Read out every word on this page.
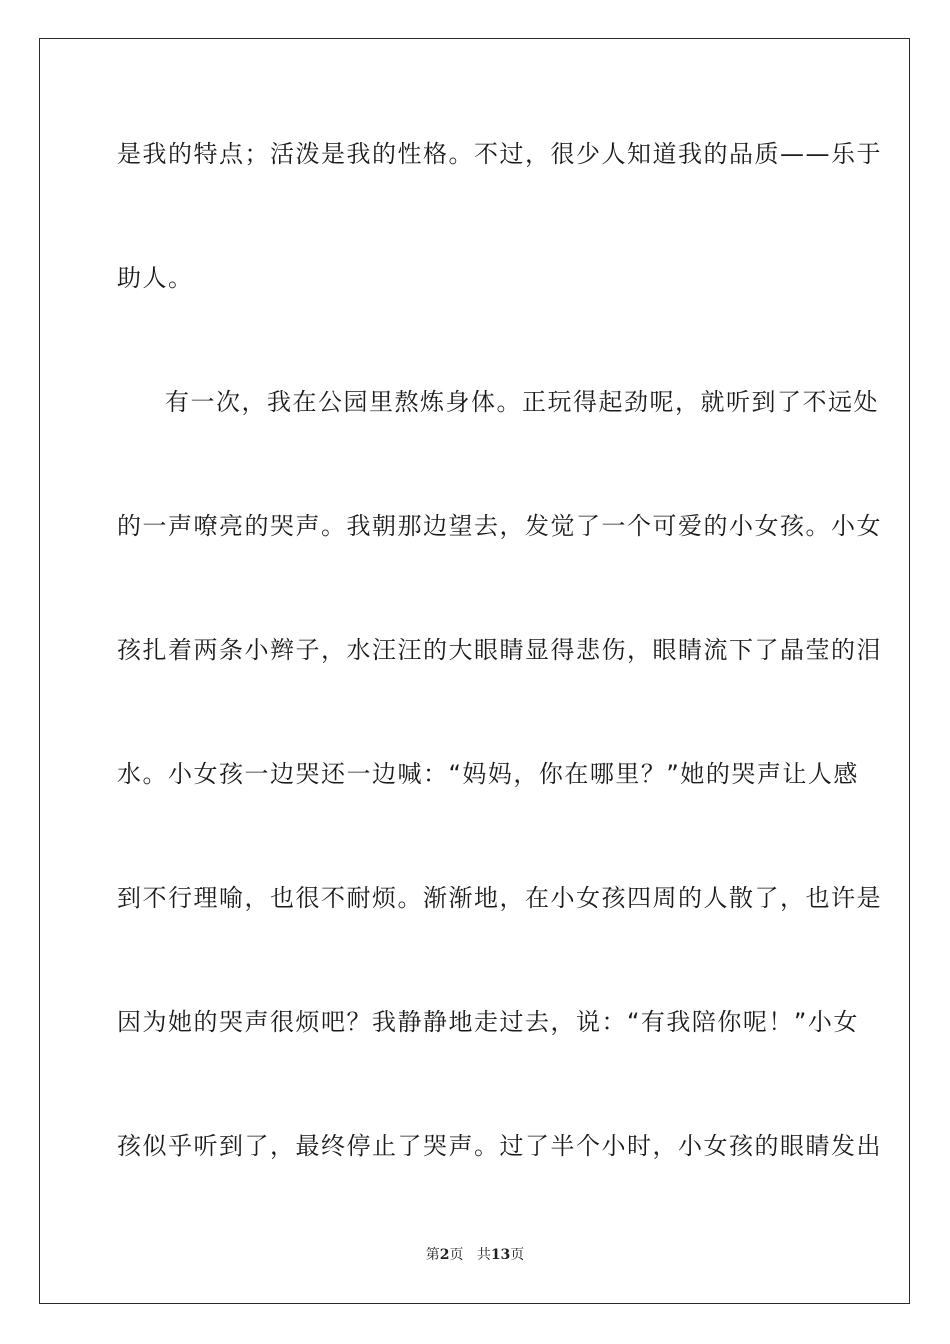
是我的特点；活泼是我的性格。不过，很少人知道我的品质——乐于
助人。
有一次，我在公园里熬炼身体。正玩得起劲呢，就听到了不远处
的一声嘹亮的哭声。我朝那边望去，发觉了一个可爱的小女孩。小女
孩扎着两条小辫子，水汪汪的大眼睛显得悲伤，眼睛流下了晶莹的泪
水。小女孩一边哭还一边喊：“妈妈，你在哪里？”她的哭声让人感
到不行理喻，也很不耐烦。渐渐地，在小女孩四周的人散了，也许是
因为她的哭声很烦吧？我静静地走过去，说：“有我陪你呢！”小女
孩似乎听到了，最终停止了哭声。过了半个小时，小女孩的眼睛发出
第2页 共13页
